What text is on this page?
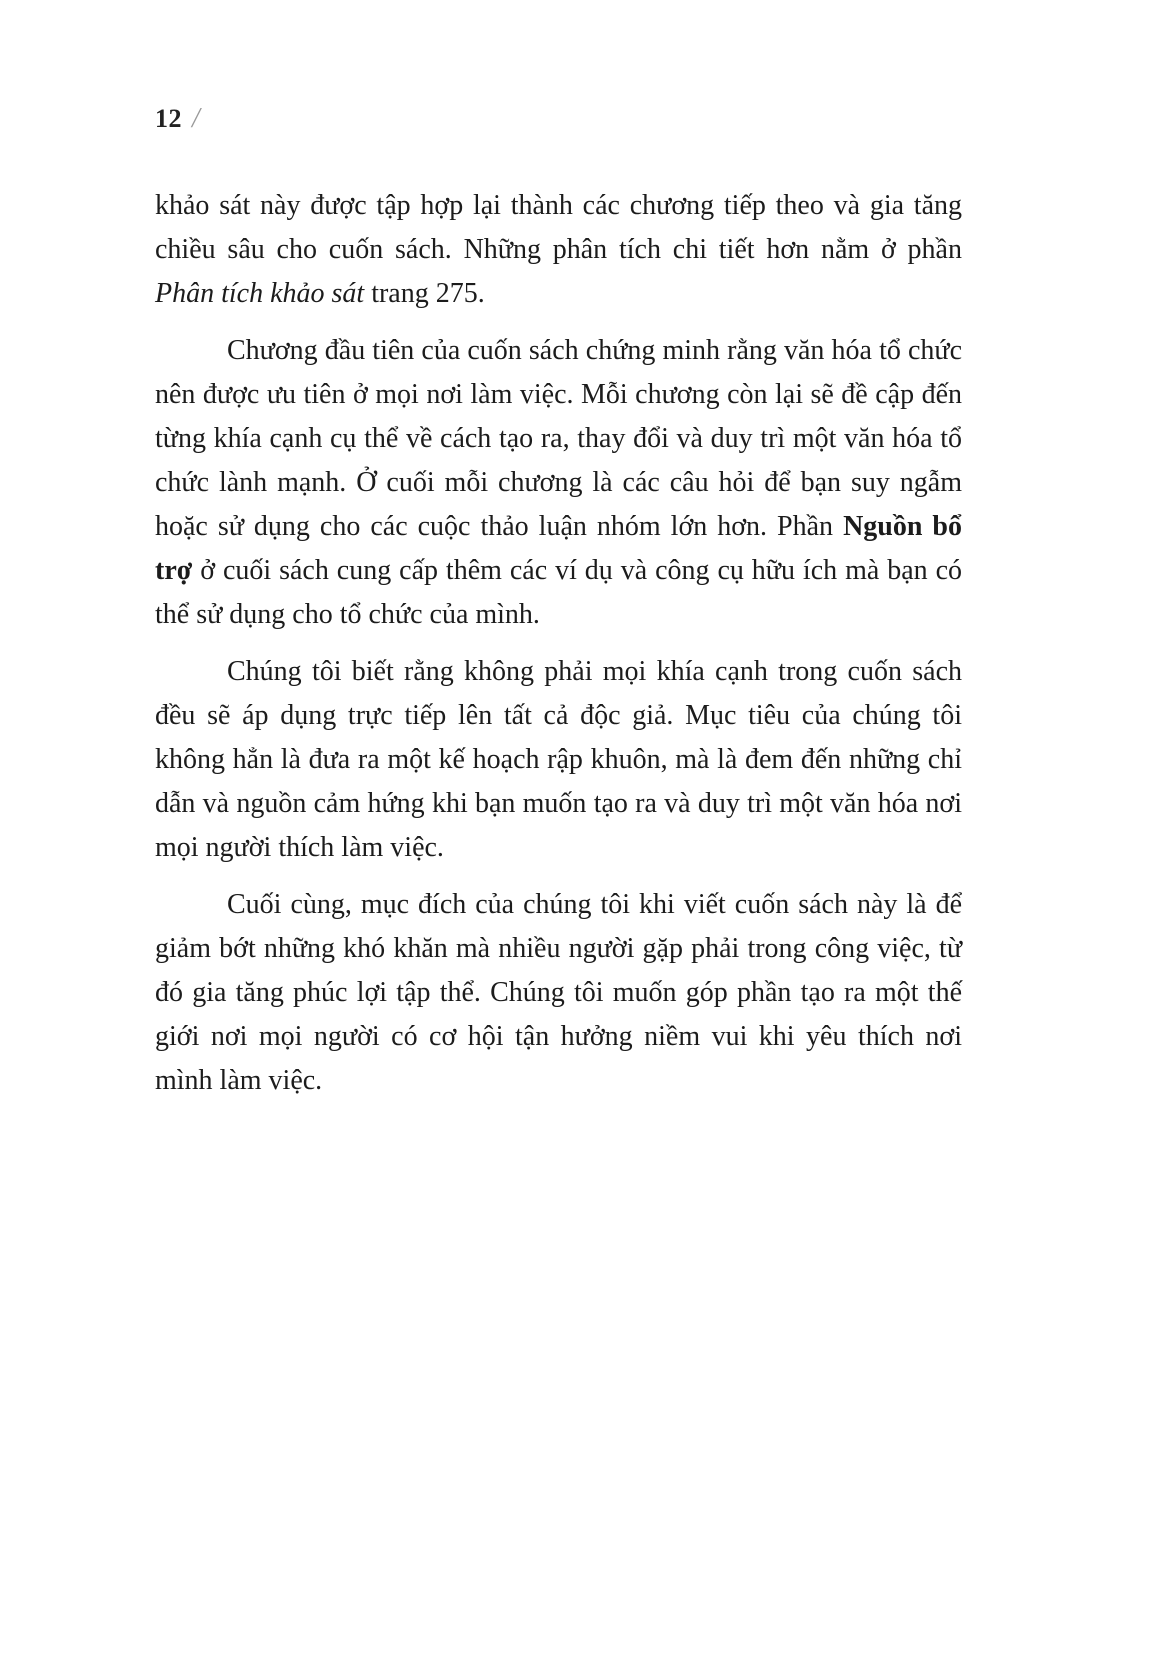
12 /

khảo sát này được tập hợp lại thành các chương tiếp theo và gia tăng chiều sâu cho cuốn sách. Những phân tích chi tiết hơn nằm ở phần Phân tích khảo sát trang 275.

Chương đầu tiên của cuốn sách chứng minh rằng văn hóa tổ chức nên được ưu tiên ở mọi nơi làm việc. Mỗi chương còn lại sẽ đề cập đến từng khía cạnh cụ thể về cách tạo ra, thay đổi và duy trì một văn hóa tổ chức lành mạnh. Ở cuối mỗi chương là các câu hỏi để bạn suy ngẫm hoặc sử dụng cho các cuộc thảo luận nhóm lớn hơn. Phần Nguồn bổ trợ ở cuối sách cung cấp thêm các ví dụ và công cụ hữu ích mà bạn có thể sử dụng cho tổ chức của mình.

Chúng tôi biết rằng không phải mọi khía cạnh trong cuốn sách đều sẽ áp dụng trực tiếp lên tất cả độc giả. Mục tiêu của chúng tôi không hẳn là đưa ra một kế hoạch rập khuôn, mà là đem đến những chỉ dẫn và nguồn cảm hứng khi bạn muốn tạo ra và duy trì một văn hóa nơi mọi người thích làm việc.

Cuối cùng, mục đích của chúng tôi khi viết cuốn sách này là để giảm bớt những khó khăn mà nhiều người gặp phải trong công việc, từ đó gia tăng phúc lợi tập thể. Chúng tôi muốn góp phần tạo ra một thế giới nơi mọi người có cơ hội tận hưởng niềm vui khi yêu thích nơi mình làm việc.
